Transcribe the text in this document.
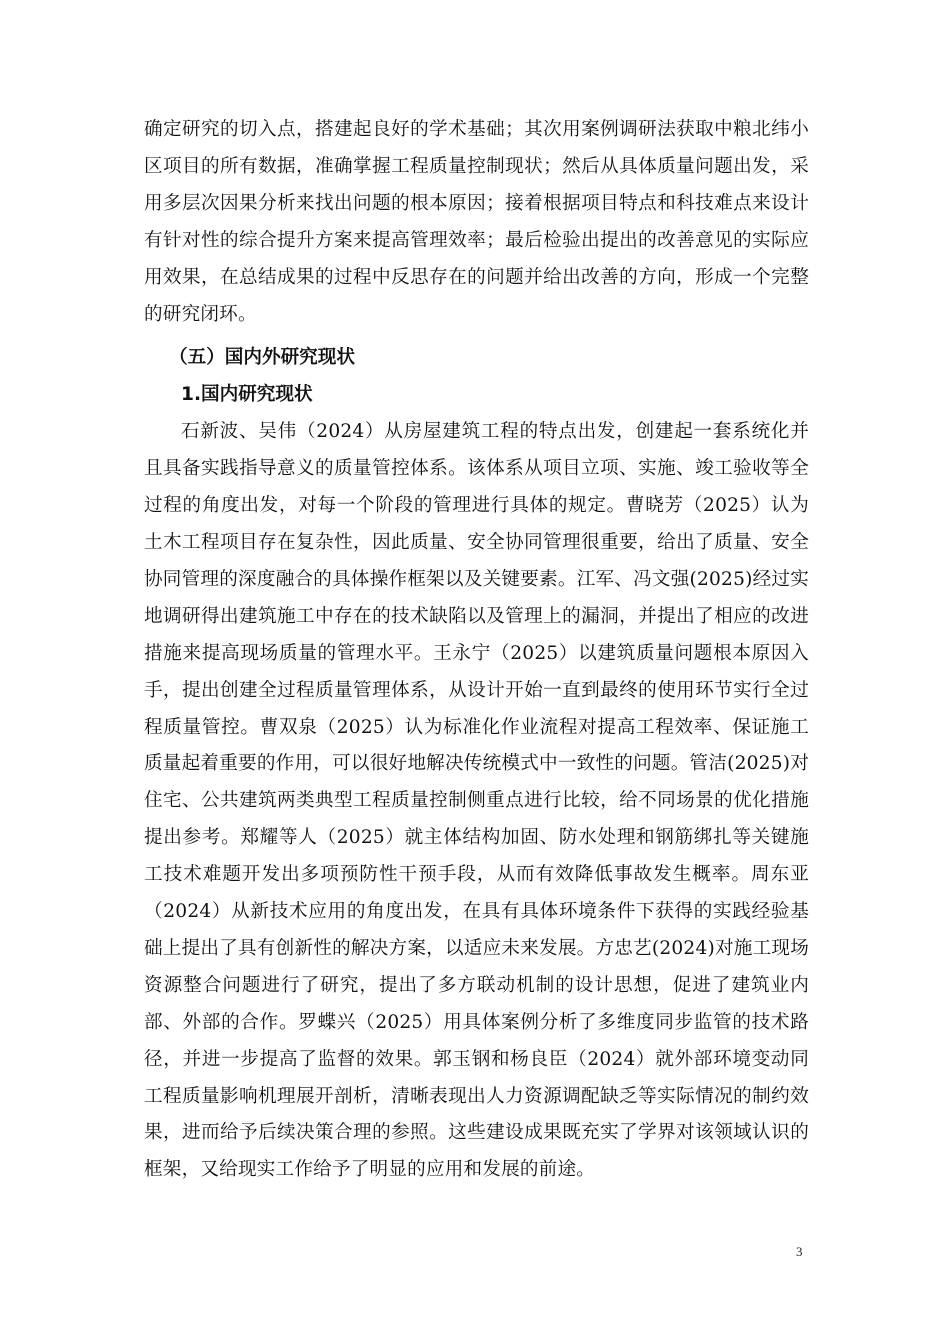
确定研究的切入点，搭建起良好的学术基础；其次用案例调研法获取中粮北纬小区项目的所有数据，准确掌握工程质量控制现状；然后从具体质量问题出发，采用多层次因果分析来找出问题的根本原因；接着根据项目特点和科技难点来设计有针对性的综合提升方案来提高管理效率；最后检验出提出的改善意见的实际应用效果，在总结成果的过程中反思存在的问题并给出改善的方向，形成一个完整的研究闭环。

（五）国内外研究现状
1.国内研究现状

石新波、吴伟（2024）从房屋建筑工程的特点出发，创建起一套系统化并且具备实践指导意义的质量管控体系。该体系从项目立项、实施、竣工验收等全过程的角度出发，对每一个阶段的管理进行具体的规定。曹晓芳（2025）认为土木工程项目存在复杂性，因此质量、安全协同管理很重要，给出了质量、安全协同管理的深度融合的具体操作框架以及关键要素。江军、冯文强(2025)经过实地调研得出建筑施工中存在的技术缺陷以及管理上的漏洞，并提出了相应的改进措施来提高现场质量的管理水平。王永宁（2025）以建筑质量问题根本原因入手，提出创建全过程质量管理体系，从设计开始一直到最终的使用环节实行全过程质量管控。曹双泉（2025）认为标准化作业流程对提高工程效率、保证施工质量起着重要的作用，可以很好地解决传统模式中一致性的问题。管洁(2025)对住宅、公共建筑两类典型工程质量控制侧重点进行比较，给不同场景的优化措施提出参考。郑耀等人（2025）就主体结构加固、防水处理和钢筋绑扎等关键施工技术难题开发出多项预防性干预手段，从而有效降低事故发生概率。周东亚（2024）从新技术应用的角度出发，在具有具体环境条件下获得的实践经验基础上提出了具有创新性的解决方案，以适应未来发展。方忠艺(2024)对施工现场资源整合问题进行了研究，提出了多方联动机制的设计思想，促进了建筑业内部、外部的合作。罗蝶兴（2025）用具体案例分析了多维度同步监管的技术路径，并进一步提高了监督的效果。郭玉钢和杨良臣（2024）就外部环境变动同工程质量影响机理展开剖析，清晰表现出人力资源调配缺乏等实际情况的制约效果，进而给予后续决策合理的参照。这些建设成果既充实了学界对该领域认识的框架，又给现实工作给予了明显的应用和发展的前途。

3
